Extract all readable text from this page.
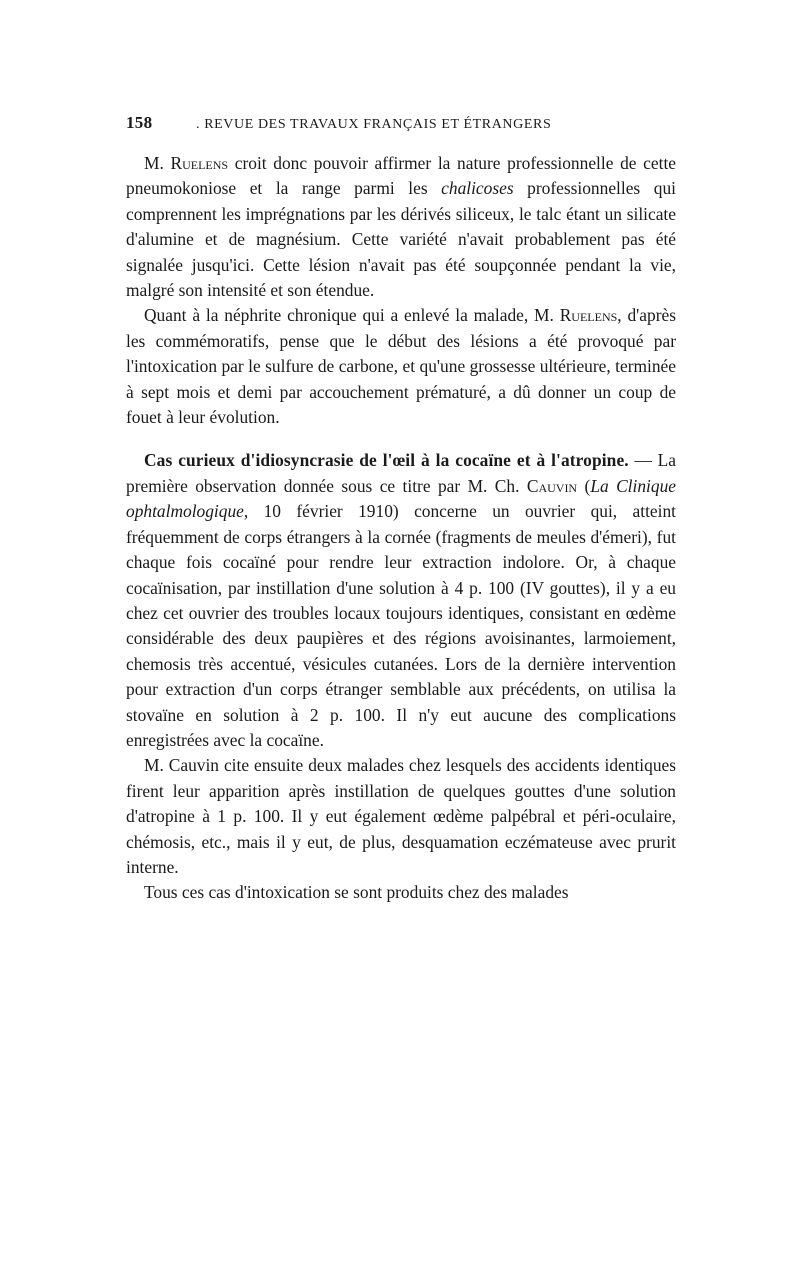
158	. REVUE DES TRAVAUX FRANÇAIS ET ÉTRANGERS

M. Ruelens croit donc pouvoir affirmer la nature professionnelle de cette pneumokoniose et la range parmi les chalicoses professionnelles qui comprennent les imprégnations par les dérivés siliceux, le talc étant un silicate d'alumine et de magnésium. Cette variété n'avait probablement pas été signalée jusqu'ici. Cette lésion n'avait pas été soupçonnée pendant la vie, malgré son intensité et son étendue.

Quant à la néphrite chronique qui a enlevé la malade, M. Ruelens, d'après les commémoratifs, pense que le début des lésions a été provoqué par l'intoxication par le sulfure de carbone, et qu'une grossesse ultérieure, terminée à sept mois et demi par accouchement prématuré, a dû donner un coup de fouet à leur évolution.

Cas curieux d'idiosyncrasie de l'œil à la cocaïne et à l'atropine. — La première observation donnée sous ce titre par M. Ch. Cauvin (La Clinique ophtalmologique, 10 février 1910) concerne un ouvrier qui, atteint fréquemment de corps étrangers à la cornée (fragments de meules d'émeri), fut chaque fois cocaïné pour rendre leur extraction indolore. Or, à chaque cocaïnisation, par instillation d'une solution à 4 p. 100 (IV gouttes), il y a eu chez cet ouvrier des troubles locaux toujours identiques, consistant en œdème considérable des deux paupières et des régions avoisinantes, larmoiement, chemosis très accentué, vésicules cutanées. Lors de la dernière intervention pour extraction d'un corps étranger semblable aux précédents, on utilisa la stovaïne en solution à 2 p. 100. Il n'y eut aucune des complications enregistrées avec la cocaïne.

M. Cauvin cite ensuite deux malades chez lesquels des accidents identiques firent leur apparition après instillation de quelques gouttes d'une solution d'atropine à 1 p. 100. Il y eut également œdème palpébral et péri-oculaire, chémosis, etc., mais il y eut, de plus, desquamation eczémateuse avec prurit interne.

Tous ces cas d'intoxication se sont produits chez des malades
